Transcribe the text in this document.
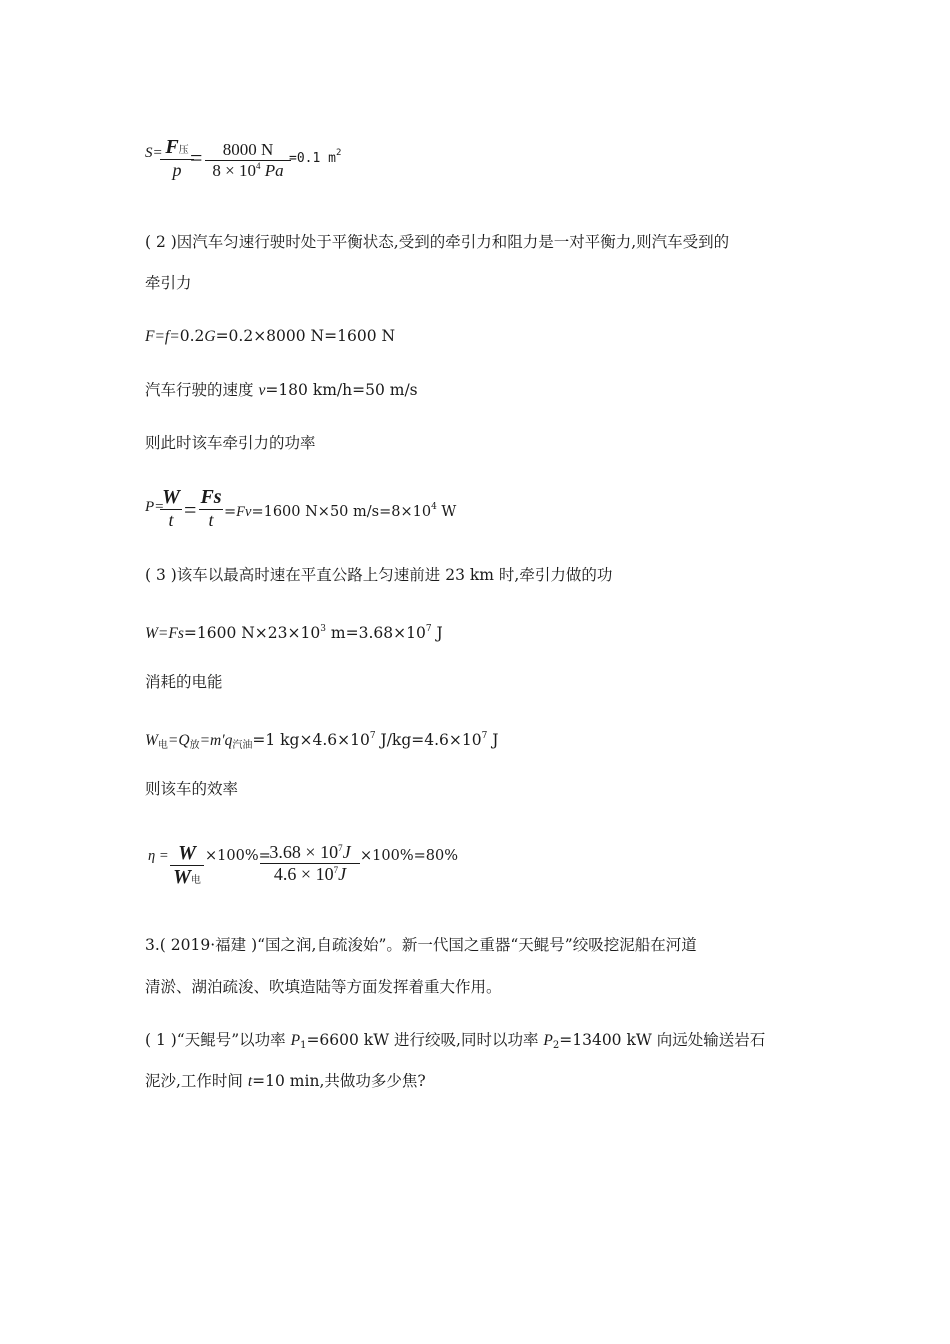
S= F压
p =	8000 N
$8 \times 10^4$ Pa
=0.1 $m^2$
( 2 )因汽车匀速行驶时处于平衡状态,受到的牵引力和阻力是一对平衡力,则汽车受到的
牵引力
F=f=0.2G=0.2×8000 N=1600 N
汽车行驶的速度 v=180 km/h=50 m/s
则此时该车牵引力的功率
P=
W
t = Fs
t =Fv=1600 N×50 $m/s=8\times 10^4$ W
( 3 )该车以最高时速在平直公路上匀速前进 23 km 时,牵引力做的功
W=Fs=1600 $N\times 23\times 10^3$ $m=3.68\times 10^7$ J
消耗的电能
$W_电=Q_放=m'q_{汽油}=1$ $kg\times 4.6\times 10^7$ $J/kg=4.6\times 10^7$ J
则该车的效率
η = W
W电
×100%=
$3.68 \times 10^7J$
$4.6 \times 10^7J$
×100%=80%
3.( 2019·福建 )“国之润,自疏浚始”。新一代国之重器“天鲲号”绞吸挖泥船在河道
清淤、湖泊疏浚、吹填造陆等方面发挥着重大作用。
( 1 )“天鲲号”以功率 $P_1=6600$ kW 进行绞吸,同时以功率 $P_2=13400$ kW 向远处输送岩石
泥沙,工作时间 t=10 min,共做功多少焦?
